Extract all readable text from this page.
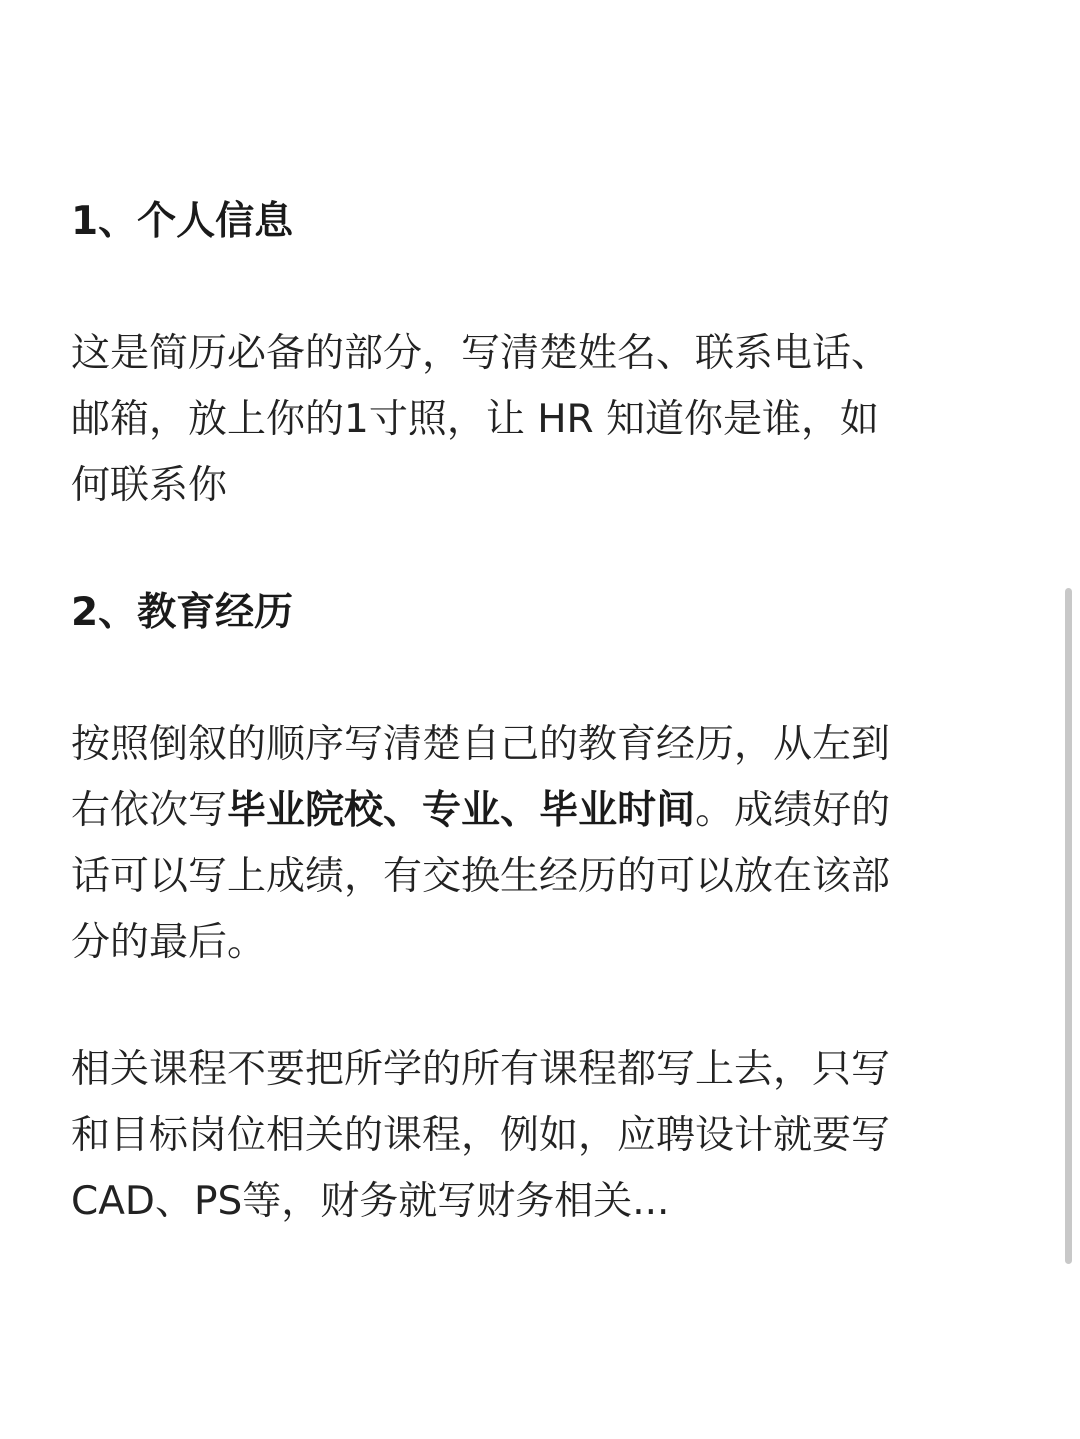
1、个人信息

这是简历必备的部分，写清楚姓名、联系电话、
邮箱，放上你的1寸照，让 HR 知道你是谁，如
何联系你

2、教育经历

按照倒叙的顺序写清楚自己的教育经历，从左到
右依次写毕业院校、专业、毕业时间。成绩好的
话可以写上成绩，有交换生经历的可以放在该部
分的最后。

相关课程不要把所学的所有课程都写上去，只写
和目标岗位相关的课程，例如，应聘设计就要写
CAD、PS等，财务就写财务相关...
